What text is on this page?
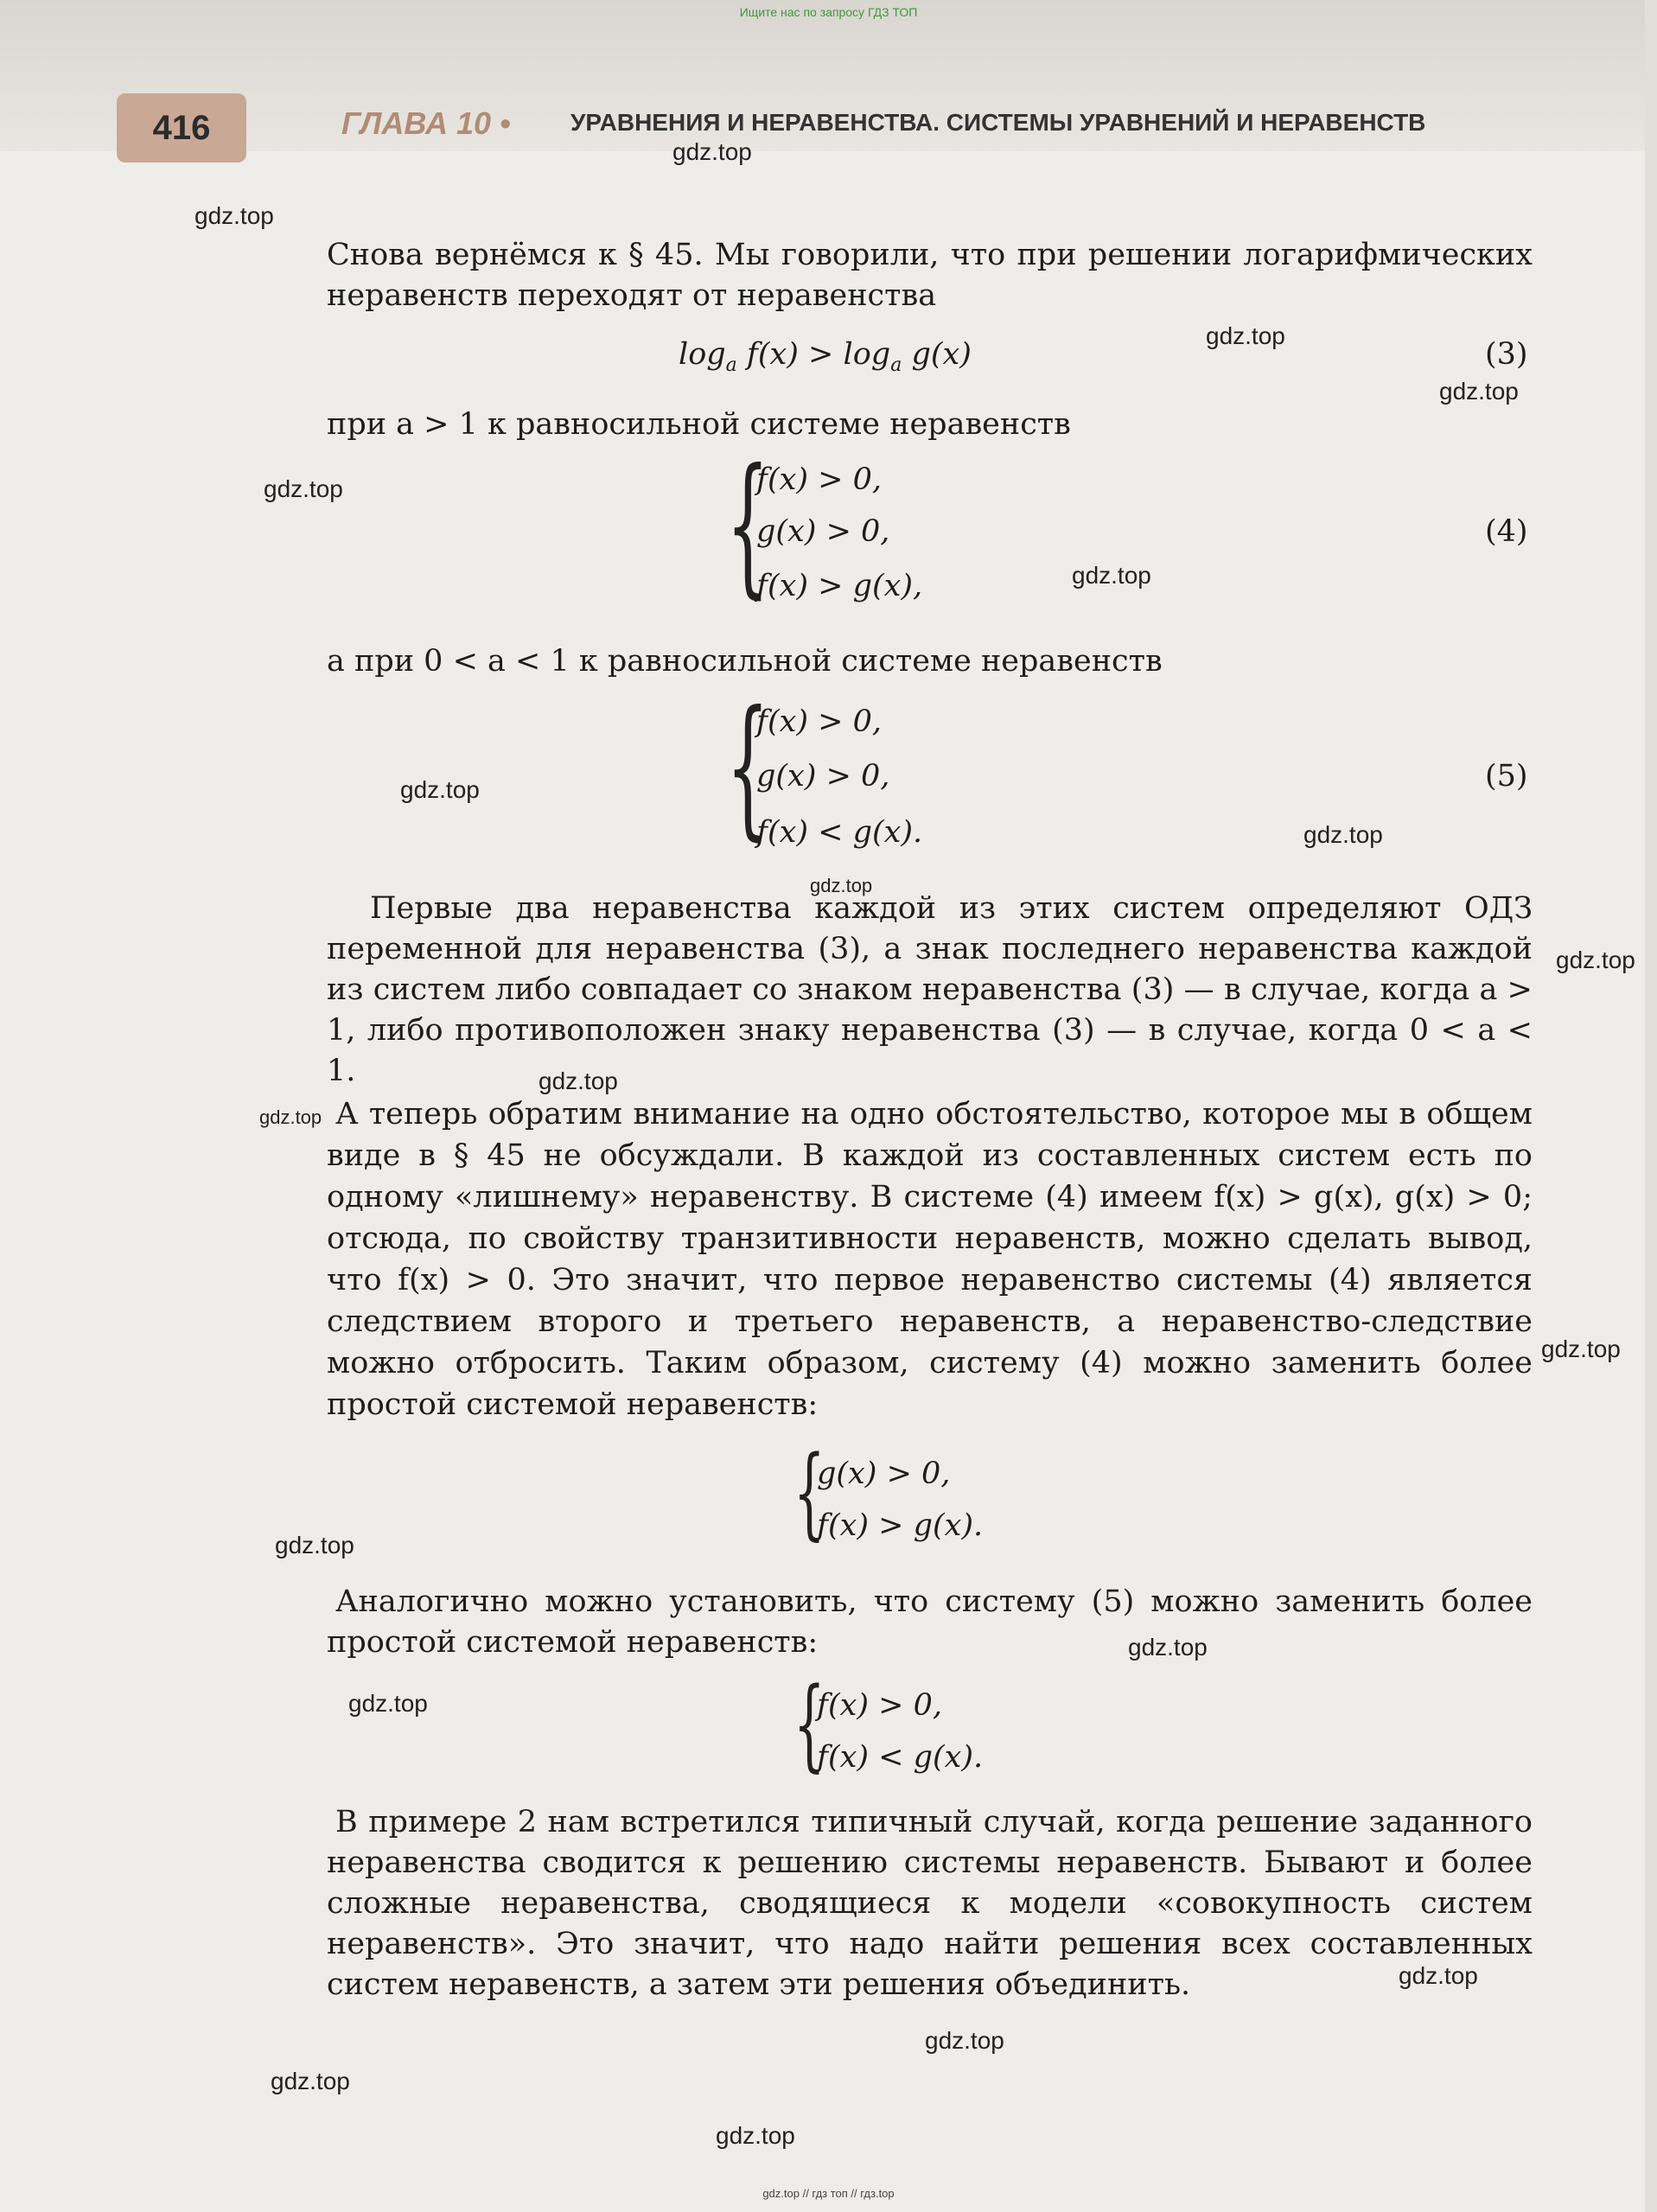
Ищите нас по запросу ГДЗ ТОП
416	ГЛАВА 10 • УРАВНЕНИЯ И НЕРАВЕНСТВА. СИСТЕМЫ УРАВНЕНИЙ И НЕРАВЕНСТВ
Снова вернёмся к § 45. Мы говорили, что при решении логарифмических неравенств переходят от неравенства
$\log_a f(x) > \log_a g(x)$	(3)
при a > 1 к равносильной системе неравенств
{
f(x) > 0,
g(x) > 0,
f(x) > g(x),
(4)
а при 0 < a < 1 к равносильной системе неравенств
{
f(x) > 0,
g(x) > 0,
f(x) < g(x).
(5)
Первые два неравенства каждой из этих систем определяют ОДЗ переменной для неравенства (3), а знак последнего неравенства каждой из систем либо совпадает со знаком неравенства (3) — в случае, когда a > 1, либо противоположен знаку неравенства (3) — в случае, когда 0 < a < 1.
А теперь обратим внимание на одно обстоятельство, которое мы в общем виде в § 45 не обсуждали. В каждой из составленных систем есть по одному «лишнему» неравенству. В системе (4) имеем f(x) > g(x), g(x) > 0; отсюда, по свойству транзитивности неравенств, можно сделать вывод, что f(x) > 0. Это значит, что первое неравенство системы (4) является следствием второго и третьего неравенств, а неравенство-следствие можно отбросить. Таким образом, систему (4) можно заменить более простой системой неравенств:
{
g(x) > 0,
f(x) > g(x).
Аналогично можно установить, что систему (5) можно заменить более простой системой неравенств:
{
f(x) > 0,
f(x) < g(x).
В примере 2 нам встретился типичный случай, когда решение заданного неравенства сводится к решению системы неравенств. Бывают и более сложные неравенства, сводящиеся к модели «совокупность систем неравенств». Это значит, что надо найти решения всех составленных систем неравенств, а затем эти решения объединить.
gdz.top
gdz.top
gdz.top
gdz.top
gdz.top
gdz.top
gdz.top
gdz.top
gdz.top
gdz.top
gdz.top
gdz.top
gdz.top
gdz.top
gdz.top
gdz.top
gdz.top
gdz.top
gdz.top
gdz.top
gdz.top // гдз топ // гдз.top
